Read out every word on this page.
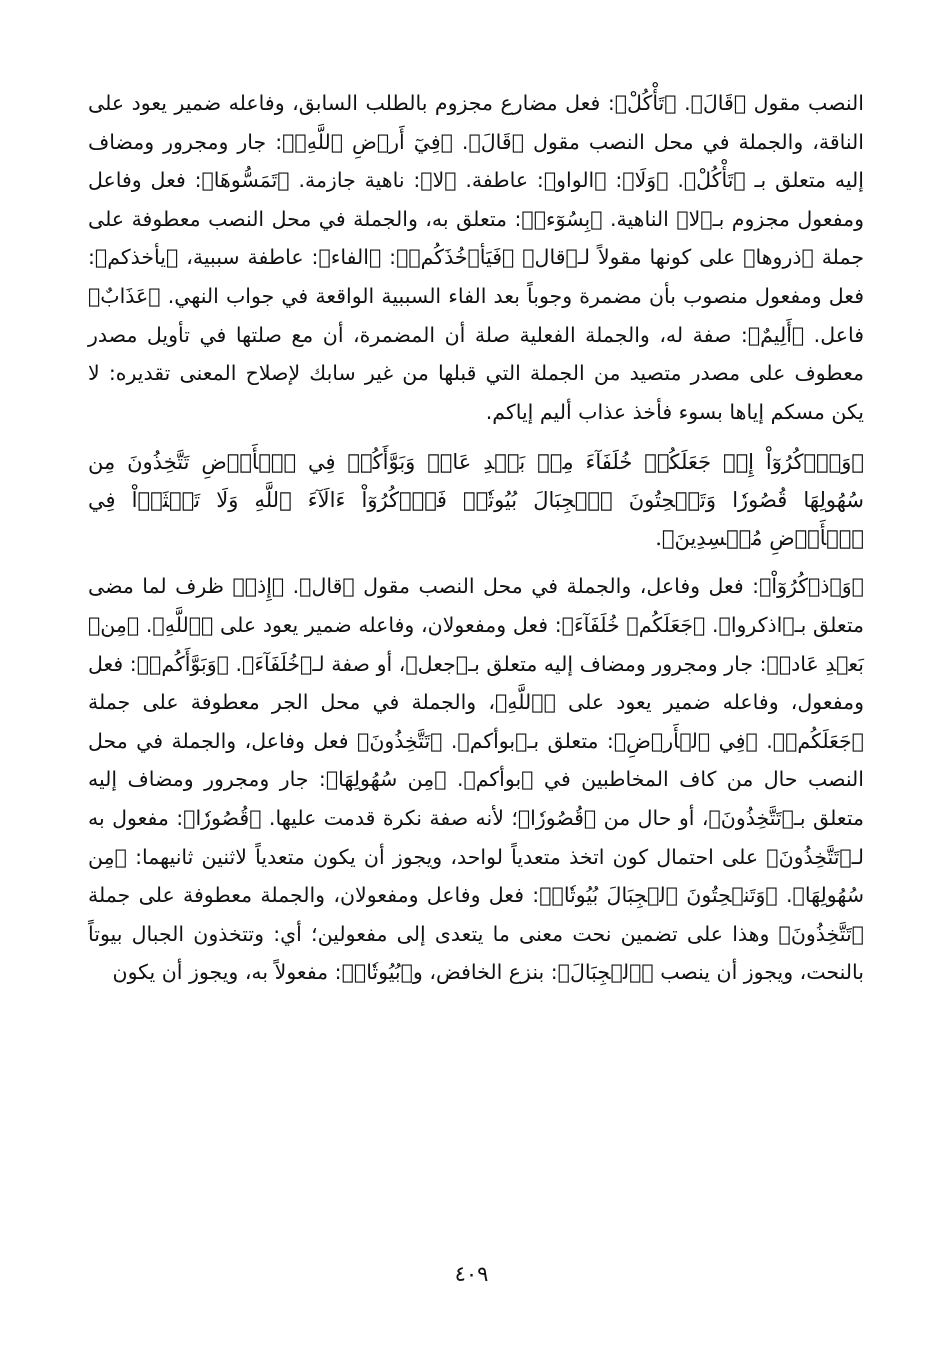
النصب مقول ﴿قَالَ﴾. ﴿تَأْكُلْ﴾: فعل مضارع مجزوم بالطلب السابق، وفاعله ضمير يعود على الناقة، والجملة في محل النصب مقول ﴿قَالَ﴾. ﴿فِيٓ أَرۡضِ ٱللَّهِۖ﴾: جار ومجرور ومضاف إليه متعلق بـ ﴿تَأْكُلْ﴾. ﴿وَلَا﴾: ﴿الواو﴾: عاطفة. ﴿لا﴾: ناهية جازمة. ﴿تَمَسُّوهَا﴾: فعل وفاعل ومفعول مجزوم بـ﴿لا﴾ الناهية. ﴿بِسُوٓءٖ﴾: متعلق به، والجملة في محل النصب معطوفة على جملة ﴿ذروها﴾ على كونها مقولاً لـ﴿قال﴾ ﴿فَيَأۡخُذَكُمۡ﴾: ﴿الفاء﴾: عاطفة سببية، ﴿يأخذكم﴾: فعل ومفعول منصوب بأن مضمرة وجوباً بعد الفاء السببية الواقعة في جواب النهي. ﴿عَذَابٌ﴾ فاعل. ﴿أَلِيمٌ﴾: صفة له، والجملة الفعلية صلة أن المضمرة، أن مع صلتها في تأويل مصدر معطوف على مصدر متصيد من الجملة التي قبلها من غير سابك لإصلاح المعنى تقديره: لا يكن مسكم إياها بسوء فأخذ عذاب أليم إياكم.

﴿وَٱذۡكُرُوٓاْ إِذۡ جَعَلَكُمۡ خُلَفَآءَ مِنۢ بَعۡدِ عَادٖ وَبَوَّأَكُمۡ فِي ٱلۡأَرۡضِ تَتَّخِذُونَ مِن سُهُولِهَا قُصُورٗا وَتَنۡحِتُونَ ٱلۡجِبَالَ بُيُوتٗاۖ فَٱذۡكُرُوٓاْ ءَالَآءَ ٱللَّهِ وَلَا تَعۡثَوۡاْ فِي ٱلۡأَرۡضِ مُفۡسِدِينَ﴾.

﴿وَٱذۡكُرُوٓاْ﴾: فعل وفاعل، والجملة في محل النصب مقول ﴿قال﴾. ﴿إِذۡ﴾ ظرف لما مضى متعلق بـ﴿اذكروا﴾. ﴿جَعَلَكُمۡ خُلَفَآءَ﴾: فعل ومفعولان، وفاعله ضمير يعود على ﴿ٱللَّهِ﴾. ﴿مِنۢ بَعۡدِ عَادٖ﴾: جار ومجرور ومضاف إليه متعلق بـ﴿جعل﴾، أو صفة لـ﴿خُلَفَآءَ﴾. ﴿وَبَوَّأَكُمۡ﴾: فعل ومفعول، وفاعله ضمير يعود على ﴿ٱللَّهِ﴾، والجملة في محل الجر معطوفة على جملة ﴿جَعَلَكُمۡ﴾. ﴿فِي ٱلۡأَرۡضِ﴾: متعلق بـ﴿بوأكم﴾. ﴿تَتَّخِذُونَ﴾ فعل وفاعل، والجملة في محل النصب حال من كاف المخاطبين في ﴿بوأكم﴾. ﴿مِن سُهُولِهَا﴾: جار ومجرور ومضاف إليه متعلق بـ﴿تَتَّخِذُونَ﴾، أو حال من ﴿قُصُورٗا﴾؛ لأنه صفة نكرة قدمت عليها. ﴿قُصُورٗا﴾: مفعول به لـ﴿تَتَّخِذُونَ﴾ على احتمال كون اتخذ متعدياً لواحد، ويجوز أن يكون متعدياً لاثنين ثانيهما: ﴿مِن سُهُولِهَا﴾. ﴿وَتَنۡحِتُونَ ٱلۡجِبَالَ بُيُوتٗاۖ﴾: فعل وفاعل ومفعولان، والجملة معطوفة على جملة ﴿تَتَّخِذُونَ﴾ وهذا على تضمين نحت معنى ما يتعدى إلى مفعولين؛ أي: وتتخذون الجبال بيوتاً بالنحت، ويجوز أن ينصب ﴿ٱلۡجِبَالَ﴾: بنزع الخافض، و﴿بُيُوتٗاۖ﴾: مفعولاً به، ويجوز أن يكون

٤٠٩
